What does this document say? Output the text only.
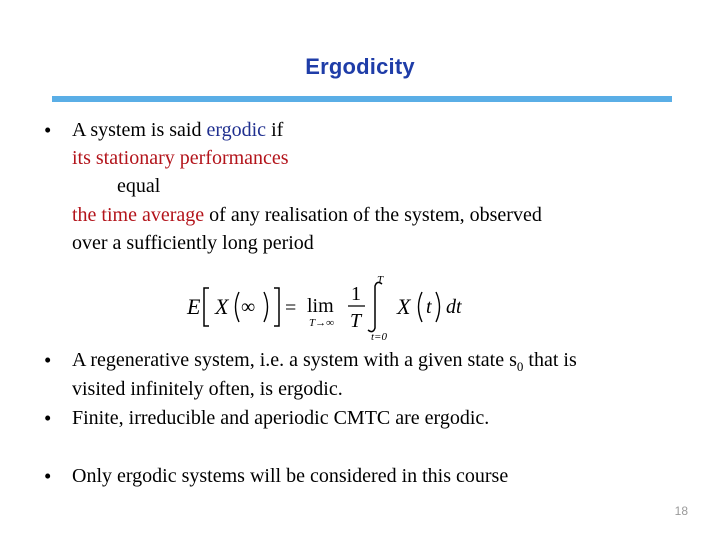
Ergodicity
• A system is said ergodic if
its stationary performances
equal
the time average of any realisation of the system, observed
over a sufficiently long period
E X ∞ = lim
T→∞
1
T
T
t=0
X t dt
• A regenerative system, i.e. a system with a given state $s_0$ that is
visited infinitely often, is ergodic.
• Finite, irreducible and aperiodic CMTC are ergodic.
• Only ergodic systems will be considered in this course
18
